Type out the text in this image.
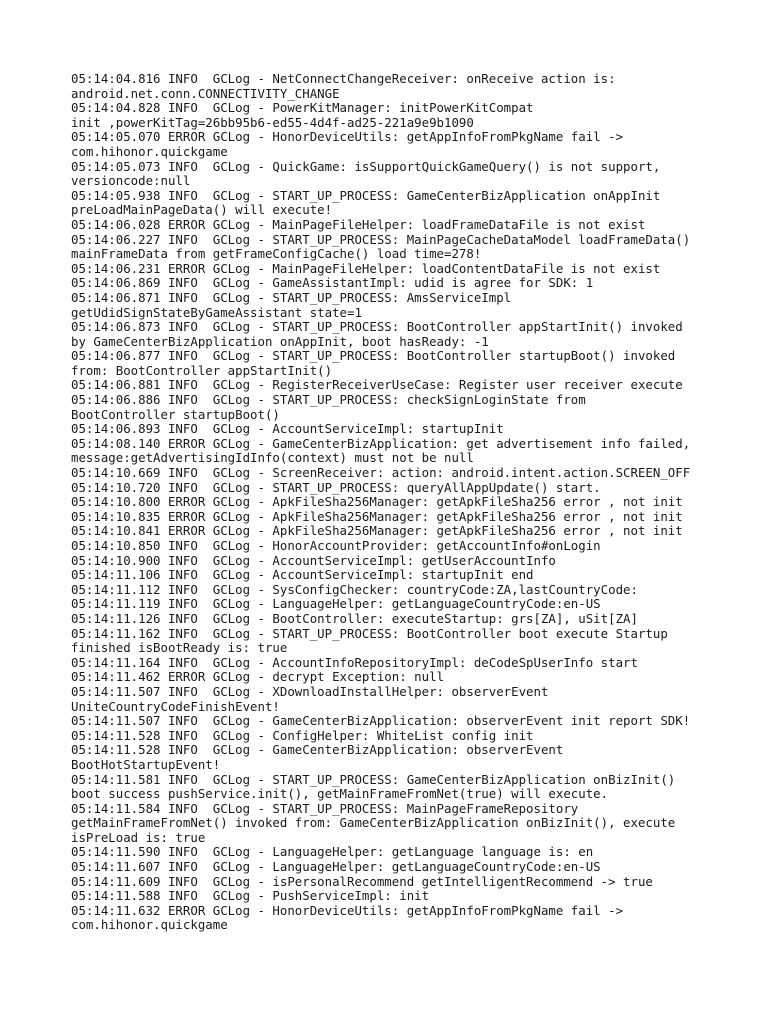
05:14:04.816 INFO  GCLog - NetConnectChangeReceiver: onReceive action is:
android.net.conn.CONNECTIVITY_CHANGE
05:14:04.828 INFO  GCLog - PowerKitManager: initPowerKitCompat
init ,powerKitTag=26bb95b6-ed55-4d4f-ad25-221a9e9b1090
05:14:05.070 ERROR GCLog - HonorDeviceUtils: getAppInfoFromPkgName fail ->
com.hihonor.quickgame
05:14:05.073 INFO  GCLog - QuickGame: isSupportQuickGameQuery() is not support,
versioncode:null
05:14:05.938 INFO  GCLog - START_UP_PROCESS: GameCenterBizApplication onAppInit
preLoadMainPageData() will execute!
05:14:06.028 ERROR GCLog - MainPageFileHelper: loadFrameDataFile is not exist
05:14:06.227 INFO  GCLog - START_UP_PROCESS: MainPageCacheDataModel loadFrameData()
mainFrameData from getFrameConfigCache() load time=278!
05:14:06.231 ERROR GCLog - MainPageFileHelper: loadContentDataFile is not exist
05:14:06.869 INFO  GCLog - GameAssistantImpl: udid is agree for SDK: 1
05:14:06.871 INFO  GCLog - START_UP_PROCESS: AmsServiceImpl
getUdidSignStateByGameAssistant state=1
05:14:06.873 INFO  GCLog - START_UP_PROCESS: BootController appStartInit() invoked
by GameCenterBizApplication onAppInit, boot hasReady: -1
05:14:06.877 INFO  GCLog - START_UP_PROCESS: BootController startupBoot() invoked
from: BootController appStartInit()
05:14:06.881 INFO  GCLog - RegisterReceiverUseCase: Register user receiver execute
05:14:06.886 INFO  GCLog - START_UP_PROCESS: checkSignLoginState from
BootController startupBoot()
05:14:06.893 INFO  GCLog - AccountServiceImpl: startupInit
05:14:08.140 ERROR GCLog - GameCenterBizApplication: get advertisement info failed,
message:getAdvertisingIdInfo(context) must not be null
05:14:10.669 INFO  GCLog - ScreenReceiver: action: android.intent.action.SCREEN_OFF
05:14:10.720 INFO  GCLog - START_UP_PROCESS: queryAllAppUpdate() start.
05:14:10.800 ERROR GCLog - ApkFileSha256Manager: getApkFileSha256 error , not init
05:14:10.835 ERROR GCLog - ApkFileSha256Manager: getApkFileSha256 error , not init
05:14:10.841 ERROR GCLog - ApkFileSha256Manager: getApkFileSha256 error , not init
05:14:10.850 INFO  GCLog - HonorAccountProvider: getAccountInfo#onLogin
05:14:10.900 INFO  GCLog - AccountServiceImpl: getUserAccountInfo
05:14:11.106 INFO  GCLog - AccountServiceImpl: startupInit end
05:14:11.112 INFO  GCLog - SysConfigChecker: countryCode:ZA,lastCountryCode:
05:14:11.119 INFO  GCLog - LanguageHelper: getLanguageCountryCode:en-US
05:14:11.126 INFO  GCLog - BootController: executeStartup: grs[ZA], uSit[ZA]
05:14:11.162 INFO  GCLog - START_UP_PROCESS: BootController boot execute Startup
finished isBootReady is: true
05:14:11.164 INFO  GCLog - AccountInfoRepositoryImpl: deCodeSpUserInfo start
05:14:11.462 ERROR GCLog - decrypt Exception: null
05:14:11.507 INFO  GCLog - XDownloadInstallHelper: observerEvent
UniteCountryCodeFinishEvent!
05:14:11.507 INFO  GCLog - GameCenterBizApplication: observerEvent init report SDK!
05:14:11.528 INFO  GCLog - ConfigHelper: WhiteList config init
05:14:11.528 INFO  GCLog - GameCenterBizApplication: observerEvent
BootHotStartupEvent!
05:14:11.581 INFO  GCLog - START_UP_PROCESS: GameCenterBizApplication onBizInit()
boot success pushService.init(), getMainFrameFromNet(true) will execute.
05:14:11.584 INFO  GCLog - START_UP_PROCESS: MainPageFrameRepository
getMainFrameFromNet() invoked from: GameCenterBizApplication onBizInit(), execute
isPreLoad is: true
05:14:11.590 INFO  GCLog - LanguageHelper: getLanguage language is: en
05:14:11.607 INFO  GCLog - LanguageHelper: getLanguageCountryCode:en-US
05:14:11.609 INFO  GCLog - isPersonalRecommend getIntelligentRecommend -> true
05:14:11.588 INFO  GCLog - PushServiceImpl: init
05:14:11.632 ERROR GCLog - HonorDeviceUtils: getAppInfoFromPkgName fail ->
com.hihonor.quickgame
